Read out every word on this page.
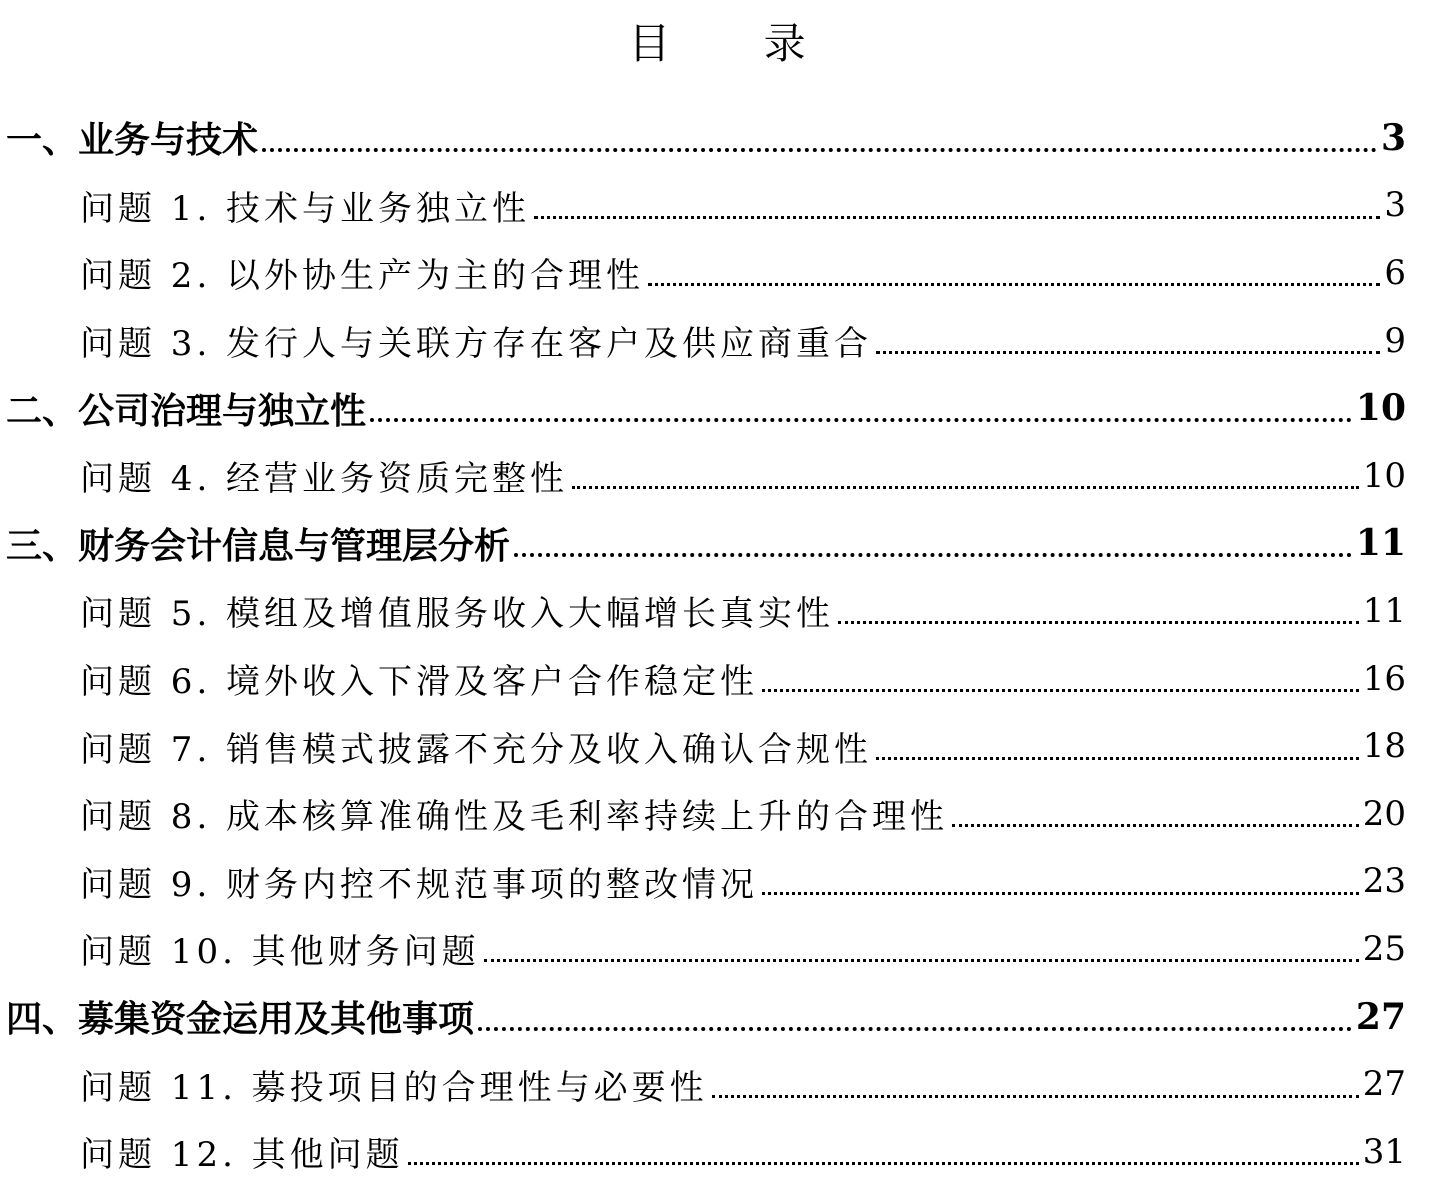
目 录
一、业务与技术	3
问题 1. 技术与业务独立性	3
问题 2. 以外协生产为主的合理性	6
问题 3. 发行人与关联方存在客户及供应商重合	9
二、公司治理与独立性	10
问题 4. 经营业务资质完整性	10
三、财务会计信息与管理层分析	11
问题 5. 模组及增值服务收入大幅增长真实性	11
问题 6. 境外收入下滑及客户合作稳定性	16
问题 7. 销售模式披露不充分及收入确认合规性	18
问题 8. 成本核算准确性及毛利率持续上升的合理性	20
问题 9. 财务内控不规范事项的整改情况	23
问题 10. 其他财务问题	25
四、募集资金运用及其他事项	27
问题 11. 募投项目的合理性与必要性	27
问题 12. 其他问题	31
